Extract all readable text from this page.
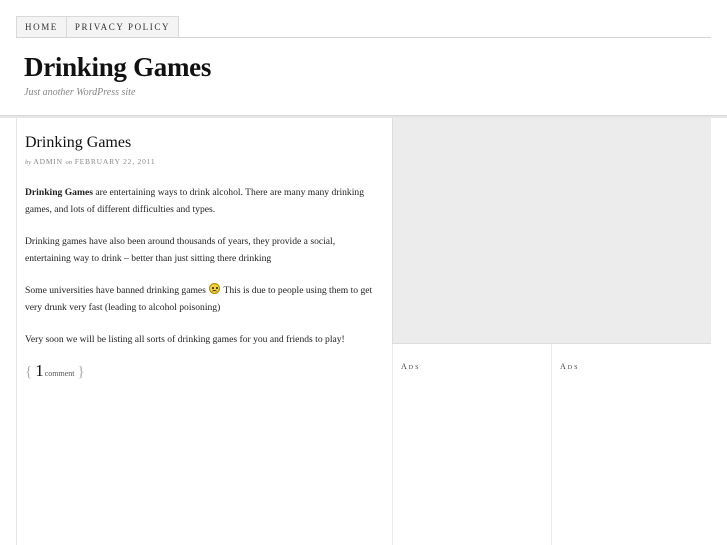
HOME	PRIVACY POLICY
Drinking Games
Just another WordPress site
Drinking Games
by ADMIN on FEBRUARY 22, 2011

Drinking Games are entertaining ways to drink alcohol. There are many many drinking games, and lots of different difficulties and types.

Drinking games have also been around thousands of years, they provide a social, entertaining way to drink – better than just sitting there drinking

Some universities have banned drinking games  This is due to people using them to get very drunk very fast (leading to alcohol poisoning)

Very soon we will be listing all sorts of drinking games for you and friends to play!

{ 1 comment }	Ads	Ads
